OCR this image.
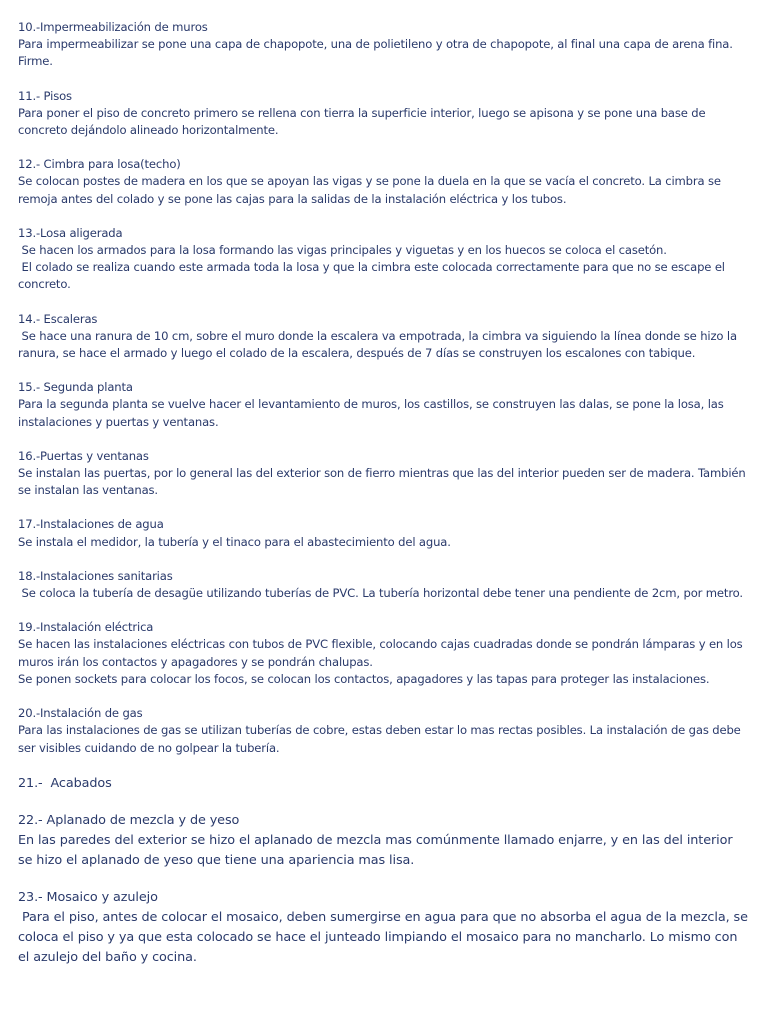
10.-Impermeabilización de muros

Para impermeabilizar se pone una capa de chapopote, una de polietileno y otra de chapopote, al final una capa de arena fina.

Firme.

11.- Pisos

Para poner el piso de concreto primero se rellena con tierra la superficie interior, luego se apisona y se pone una base de concreto dejándolo alineado horizontalmente.

12.- Cimbra para losa(techo)

Se colocan postes de madera en los que se apoyan las vigas y se pone la duela en la que se vacía el concreto. La cimbra se remoja antes del colado y se pone las cajas para la salidas de la instalación eléctrica y los tubos.

13.-Losa aligerada

Se hacen los armados para la losa formando las vigas principales y viguetas y en los huecos se coloca el casetón.

El colado se realiza cuando este armada toda la losa y que la cimbra este colocada correctamente para que no se escape el concreto.

14.- Escaleras

Se hace una ranura de 10 cm, sobre el muro donde la escalera va empotrada, la cimbra va siguiendo la línea donde se hizo la ranura, se hace el armado y luego el colado de la escalera, después de 7 días se construyen los escalones con tabique.

15.- Segunda planta

Para la segunda planta se vuelve hacer el levantamiento de muros, los castillos, se construyen las dalas, se pone la losa, las instalaciones y puertas y ventanas.

16.-Puertas y ventanas

Se instalan las puertas, por lo general las del exterior son de fierro mientras que las del interior pueden ser de madera. También se instalan las ventanas.

17.-Instalaciones de agua

Se instala el medidor, la tubería y el tinaco para el abastecimiento del agua.

18.-Instalaciones sanitarias

Se coloca la tubería de desagüe utilizando tuberías de PVC. La tubería horizontal debe tener una pendiente de 2cm, por metro.

19.-Instalación eléctrica

Se hacen las instalaciones eléctricas con tubos de PVC flexible, colocando cajas cuadradas donde se pondrán lámparas y en los muros irán los contactos y apagadores y se pondrán chalupas.

Se ponen sockets para colocar los focos, se colocan los contactos, apagadores y las tapas para proteger las instalaciones.

20.-Instalación de gas

Para las instalaciones de gas se utilizan tuberías de cobre, estas deben estar lo mas rectas posibles. La instalación de gas debe ser visibles cuidando de no golpear la tubería.

21.-  Acabados

22.- Aplanado de mezcla y de yeso

En las paredes del exterior se hizo el aplanado de mezcla mas comúnmente llamado enjarre, y en las del interior se hizo el aplanado de yeso que tiene una apariencia mas lisa.

23.- Mosaico y azulejo

Para el piso, antes de colocar el mosaico, deben sumergirse en agua para que no absorba el agua de la mezcla, se coloca el piso y ya que esta colocado se hace el junteado limpiando el mosaico para no mancharlo. Lo mismo con el azulejo del baño y cocina.
